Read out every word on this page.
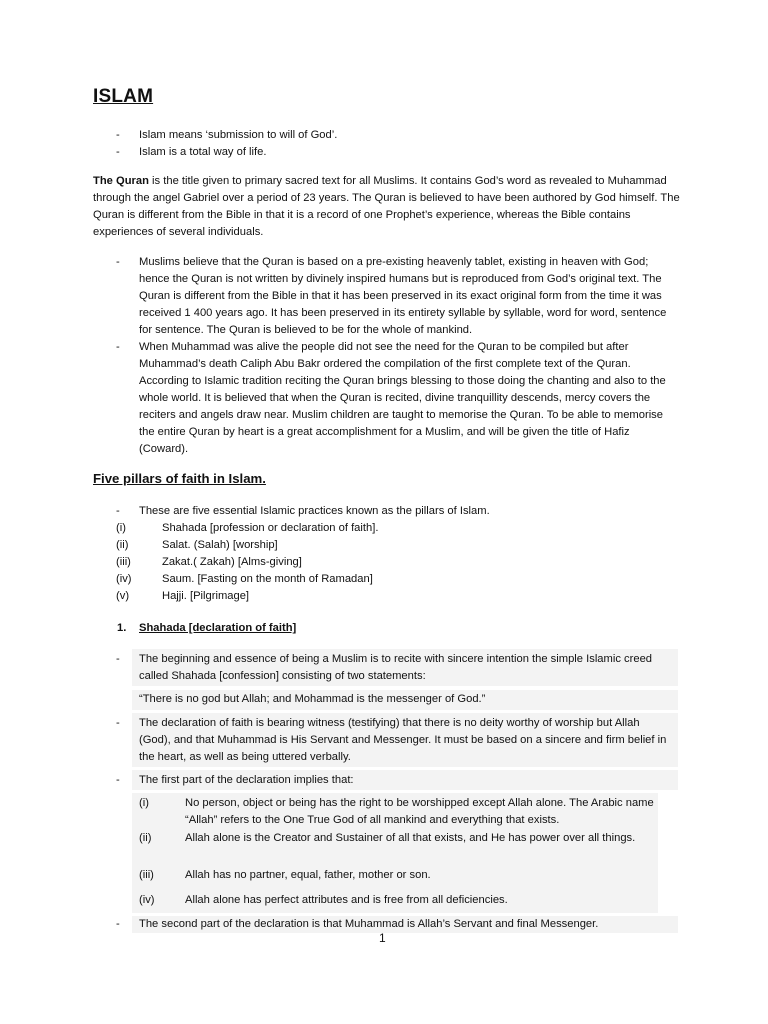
ISLAM
-	Islam means ‘submission to will of God’.
-	Islam is a total way of life.
The Quran is the title given to primary sacred text for all Muslims. It contains God’s word as revealed to Muhammad through the angel Gabriel over a period of 23 years. The Quran is believed to have been authored by God himself. The Quran is different from the Bible in that it is a record of one Prophet’s experience, whereas the Bible contains experiences of several individuals.
-	Muslims believe that the Quran is based on a pre-existing heavenly tablet, existing in heaven with God; hence the Quran is not written by divinely inspired humans but is reproduced from God’s original text. The Quran is different from the Bible in that it has been preserved in its exact original form from the time it was received 1 400 years ago. It has been preserved in its entirety syllable by syllable, word for word, sentence for sentence. The Quran is believed to be for the whole of mankind.
-	When Muhammad was alive the people did not see the need for the Quran to be compiled but after Muhammad’s death Caliph Abu Bakr ordered the compilation of the first complete text of the Quran. According to Islamic tradition reciting the Quran brings blessing to those doing the chanting and also to the whole world. It is believed that when the Quran is recited, divine tranquillity descends, mercy covers the reciters and angels draw near. Muslim children are taught to memorise the Quran. To be able to memorise the entire Quran by heart is a great accomplishment for a Muslim, and will be given the title of Hafiz (Coward).
Five pillars of faith in Islam.
-	These are five essential Islamic practices known as the pillars of Islam.
(i)	Shahada [profession or declaration of faith].
(ii)	Salat. (Salah) [worship]
(iii)	Zakat.( Zakah) [Alms-giving]
(iv)	Saum. [Fasting on the month of Ramadan]
(v)	Hajji. [Pilgrimage]
1. Shahada [declaration of faith]
-	The beginning and essence of being a Muslim is to recite with sincere intention the simple Islamic creed called Shahada [confession] consisting of two statements:
“There is no god but Allah; and Mohammad is the messenger of God.”
-	The declaration of faith is bearing witness (testifying) that there is no deity worthy of worship but Allah (God), and that Muhammad is His Servant and Messenger. It must be based on a sincere and firm belief in the heart, as well as being uttered verbally.
-	The first part of the declaration implies that:
(i)	No person, object or being has the right to be worshipped except Allah alone. The Arabic name “Allah” refers to the One True God of all mankind and everything that exists.
(ii)	Allah alone is the Creator and Sustainer of all that exists, and He has power over all things.
(iii)	Allah has no partner, equal, father, mother or son.
(iv)	Allah alone has perfect attributes and is free from all deficiencies.
-	The second part of the declaration is that Muhammad is Allah’s Servant and final Messenger.
1
